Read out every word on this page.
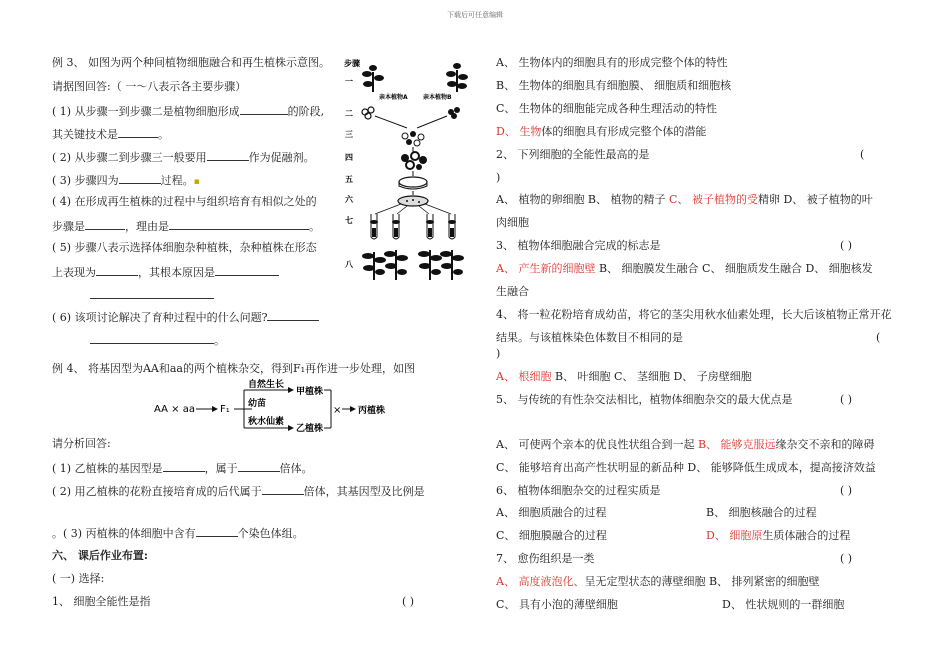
下载后可任意编辑
例 3、 如图为两个种间植物细胞融合和再生植株示意图。
请据图回答:（ 一～八表示各主要步骤）
( 1) 从步骤一到步骤二是植物细胞形成	的阶段,
其关键技术是	。
( 2) 从步骤二到步骤三一般要用	作为促融剂。
( 3) 步骤四为	过程。▪
( 4) 在形成再生植株的过程中与组织培育有相似之处的
步骤是	，理由是	。
( 5) 步骤八表示选择体细胞杂种植株，杂种植株在形态
上表现为	，其根本原因是
( 6) 该项讨论解决了育种过程中的什么问题?
。
步骤
一
二
三
四
五
六
七
八
亲本植物A	亲本植物B
例 4、 将基因型为AA和aa的两个植株杂交，得到F₁再作进一步处理，如图
AA × aa	F₁
自然生长
幼苗
甲植株
秋水仙素
乙植株
× 丙植株
请分析回答:
( 1) 乙植株的基因型是	，属于	倍体。
( 2) 用乙植株的花粉直接培育成的后代属于	倍体，其基因型及比例是
。( 3) 丙植株的体细胞中含有	个染色体组。
六、 课后作业布置:
( 一) 选择:
1、 细胞全能性是指	( )
A、 生物体内的细胞具有的形成完整个体的特性
B、 生物体的细胞具有细胞膜、 细胞质和细胞核
C、 生物体的细胞能完成各种生理活动的特性
D、 生物体的细胞具有形成完整个体的潜能
2、 下列细胞的全能性最高的是	(
)
A、 植物的卵细胞 B、 植物的精子 C、 被子植物的受精卵 D、 被子植物的叶
肉细胞
3、 植物体细胞融合完成的标志是	( )
A、 产生新的细胞壁 B、 细胞膜发生融合 C、 细胞质发生融合 D、 细胞核发
生融合
4、 将一粒花粉培育成幼苗，将它的茎尖用秋水仙素处理，长大后该植物正常开花
结果。与该植株染色体数目不相同的是	(
)
A、 根细胞 B、 叶细胞 C、 茎细胞 D、 子房壁细胞
5、 与传统的有性杂交法相比，植物体细胞杂交的最大优点是	( )
A、 可使两个亲本的优良性状组合到一起 B、 能够克服远缘杂交不亲和的障碍
C、 能够培育出高产性状明显的新品种 D、 能够降低生成成本，提高接济效益
6、 植物体细胞杂交的过程实质是	( )
A、 细胞质融合的过程	B、 细胞核融合的过程
C、 细胞膜融合的过程	D、 细胞原生质体融合的过程
7、 愈伤组织是一类	( )
A、 高度液泡化、呈无定型状态的薄壁细胞 B、 排列紧密的细胞壁
C、 具有小泡的薄壁细胞	D、 性状规则的一群细胞
